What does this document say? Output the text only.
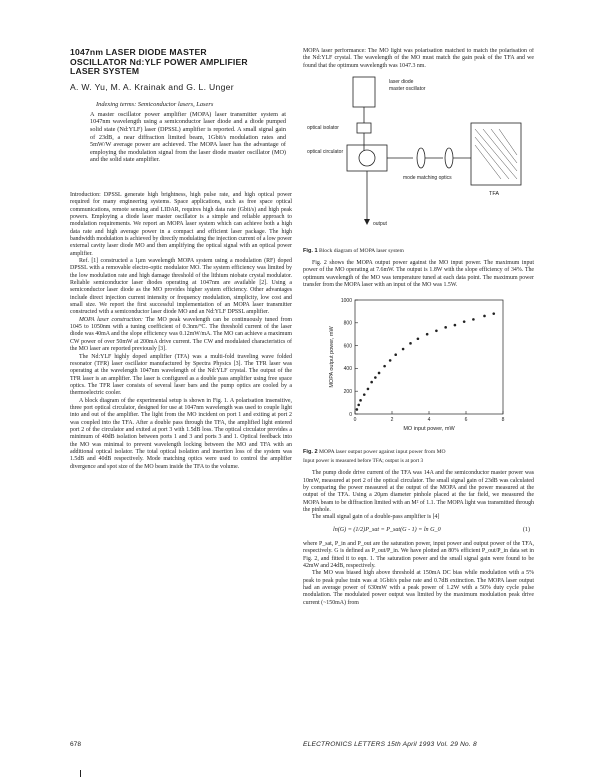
1047nm LASER DIODE MASTER
OSCILLATOR Nd:YLF POWER AMPLIFIER
LASER SYSTEM
A. W. Yu, M. A. Krainak and G. L. Unger
Indexing terms: Semiconductor lasers, Lasers

A master oscillator power amplifier (MOPA) laser transmitter system at 1047nm wavelength using a semiconductor laser diode and a diode pumped solid state (Nd:YLF) laser (DPSSL) amplifier is reported. A small signal gain of 23dB, a near diffraction limited beam, 1Gbit/s modulation rates and 5mW/W average power are achieved. The MOPA laser has the advantage of employing the modulation signal from the laser diode master oscillator (MO) and the solid state amplifier.

Introduction: DPSSL generate high brightness, high pulse rate, and high optical power required for many engineering systems. Space applications, such as free space optical communications, remote sensing and LIDAR, requires high data rate (Gbit/s) and high peak powers. Employing a diode laser master oscillator is a simple and reliable approach to modulation requirements. We report an MOPA laser system which can achieve both a high data rate and high average power in a compact and efficient laser package. The high bandwidth modulation is achieved by directly modulating the injection current of a low power external cavity laser diode MO and then amplifying the optical signal with an optical power amplifier.

Ref. [1] constructed a 1μm wavelength MOPA system using a modulation (RF) doped DPSSL with a removable electro-optic modulator MO. The system efficiency was limited by the low modulation rate and high damage threshold of the lithium niobate crystal modulator. Reliable semiconductor laser diodes operating at 1047nm are available [2]. Using a semiconductor laser diode as the MO provides higher system efficiency. Other advantages include direct injection current intensity or frequency modulation, simplicity, low cost and small size. We report the first successful implementation of an MOPA laser transmitter constructed with a semiconductor laser diode MO and an Nd:YLF DPSSL amplifier.

MOPA laser construction: The MO peak wavelength can be continuously tuned from 1045 to 1050nm with a tuning coefficient of 0.3nm/°C. The threshold current of the laser diode was 40mA and the slope efficiency was 0.12mW/mA. The MO can achieve a maximum CW power of over 50mW at 200mA drive current. The CW and modulated characteristics of the MO laser are reported previously [3].

The Nd:YLF highly doped amplifier (TFA) was a multi-fold traveling wave folded resonator (TFR) laser oscillator manufactured by Spectra Physics [3]. The TFR laser was operating at the wavelength 1047nm wavelength of the Nd:YLF crystal. The output of the TFR laser is an amplifier. The laser is configured as a double pass amplifier using free space optics. The TFR laser consists of several laser bars and the pump optics are cooled by a thermoelectric cooler.

A block diagram of the experimental setup is shown in Fig. 1. A polarisation insensitive, three port optical circulator, designed for use at 1047nm wavelength was used to couple light into and out of the amplifier. The light from the MO incident on port 1 and exiting at port 2 was coupled into the TFA. After a double pass through the TFA, the amplified light entered port 2 of the circulator and exited at port 3 with 1.5dB loss. The optical circulator provides a minimum of 40dB isolation between ports 1 and 3 and ports 3 and 1. Optical feedback into the MO was minimal to prevent wavelength locking between the MO and TFA with an additional optical isolator. The total optical isolation and insertion loss of the system was 1.5dB and 40dB respectively. Mode matching optics were used to control the amplifier divergence and spot size of the MO beam inside the TFA to the volume.

MOPA laser performance: The MO light was polarisation matched to match the polarisation of the Nd:YLF crystal. The wavelength of the MO must match the gain peak of the TFA and we found that the optimum wavelength was 1047.3 nm.

laser diode
master oscillator
optical isolator
optical circulator
mode matching optics
TFA
output
Fig. 1 Block diagram of MOPA laser system

Fig. 2 shows the MOPA output power against the MO input power. The maximum input power of the MO operating at 7.6mW. The output is 1.8W with the slope efficiency of 34%. The optimum wavelength of the MO was temperature tuned at each data point. The maximum power transfer from the MOPA laser with an input of the MO was 1.5W.

0	2	4	6	8
0
200
400
600
800
1000
MO input power, mW
MOPA output power, mW
Fig. 2 MOPA laser output power against input power from MO
Input power is measured before TFA; output is at port 3

The pump diode drive current of the TFA was 14A and the semiconductor master power was 10mW, measured at port 2 of the optical circulator. The small signal gain of 23dB was calculated by comparing the power measured at the output of the MOPA and the power measured at the output of the TFA. Using a 20μm diameter pinhole placed at the far field, we measured the MOPA beam to be diffraction limited with an M² of 1.1. The MOPA light was transmitted through the pinhole.

The small signal gain of a double-pass amplifier is [4]

ln(G) = (1/2)P_sat = P_sat(G - 1) = ln G_0	(1)

where P_sat, P_in and P_out are the saturation power, input power and output power of the TFA, respectively. G is defined as P_out/P_in. We have plotted an 80% efficient P_out/P_in data set in Fig. 2, and fitted it to eqn. 1. The saturation power and the small signal gain were found to be 42mW and 24dB, respectively.

The MO was biased high above threshold at 150mA DC bias while modulation with a 5% peak to peak pulse train was at 1Gbit/s pulse rate and 0.7dB extinction. The MOPA laser output had an average power of 630mW with a peak power of 1.2W with a 50% duty cycle pulse modulation. The modulated power output was limited by the maximum modulation peak drive current (~150mA) from

678	ELECTRONICS LETTERS 15th April 1993 Vol. 29 No. 8
